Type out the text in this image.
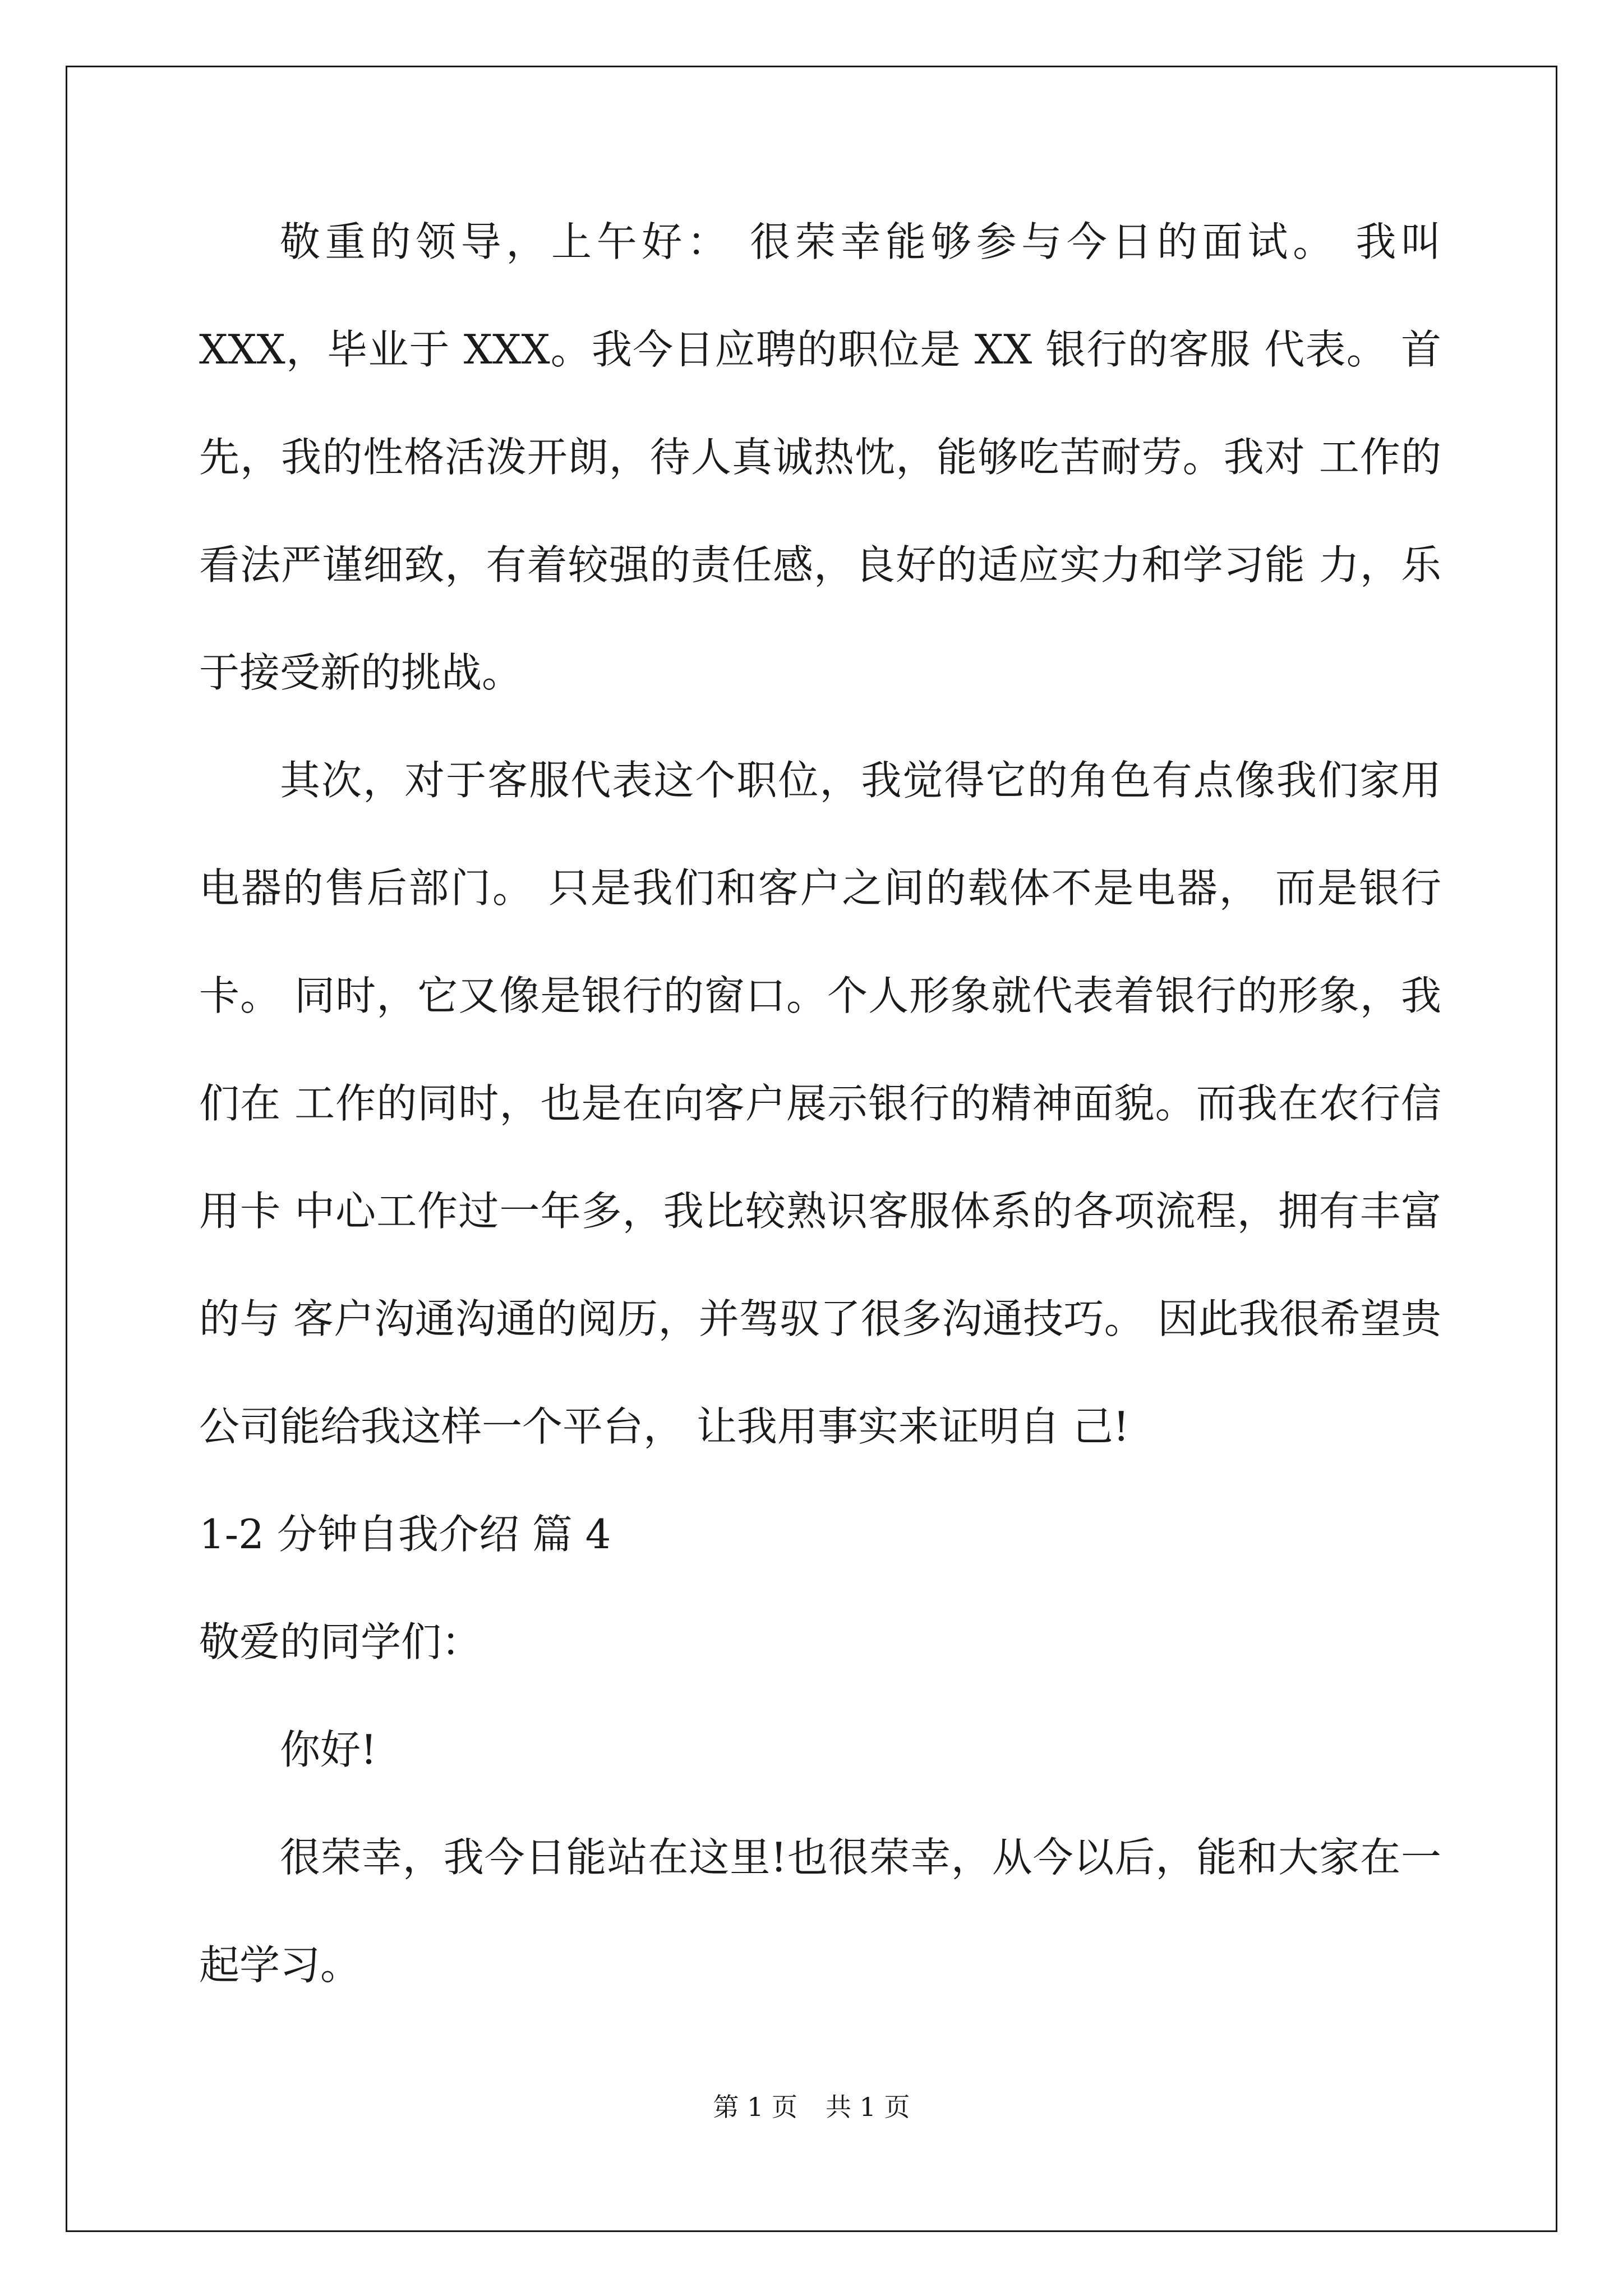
敬重的领导，上午好： 很荣幸能够参与今日的面试。 我叫 XXX，毕业于 XXX。我今日应聘的职位是 XX 银行的客服 代表。 首先，我的性格活泼开朗，待人真诚热忱，能够吃苦耐劳。我对 工作的看法严谨细致，有着较强的责任感，良好的适应实力和学习能 力，乐于接受新的挑战。

其次，对于客服代表这个职位，我觉得它的角色有点像我们家用电器的售后部门。 只是我们和客户之间的载体不是电器， 而是银行卡。 同时，它又像是银行的窗口。个人形象就代表着银行的形象，我们在 工作的同时，也是在向客户展示银行的精神面貌。而我在农行信用卡 中心工作过一年多，我比较熟识客服体系的各项流程，拥有丰富的与 客户沟通沟通的阅历，并驾驭了很多沟通技巧。 因此我很希望贵公司能给我这样一个平台， 让我用事实来证明自 己!

1-2 分钟自我介绍 篇 4

敬爱的同学们：

你好!

很荣幸，我今日能站在这里!也很荣幸，从今以后，能和大家在一起学习。

第 1 页 共 1 页
